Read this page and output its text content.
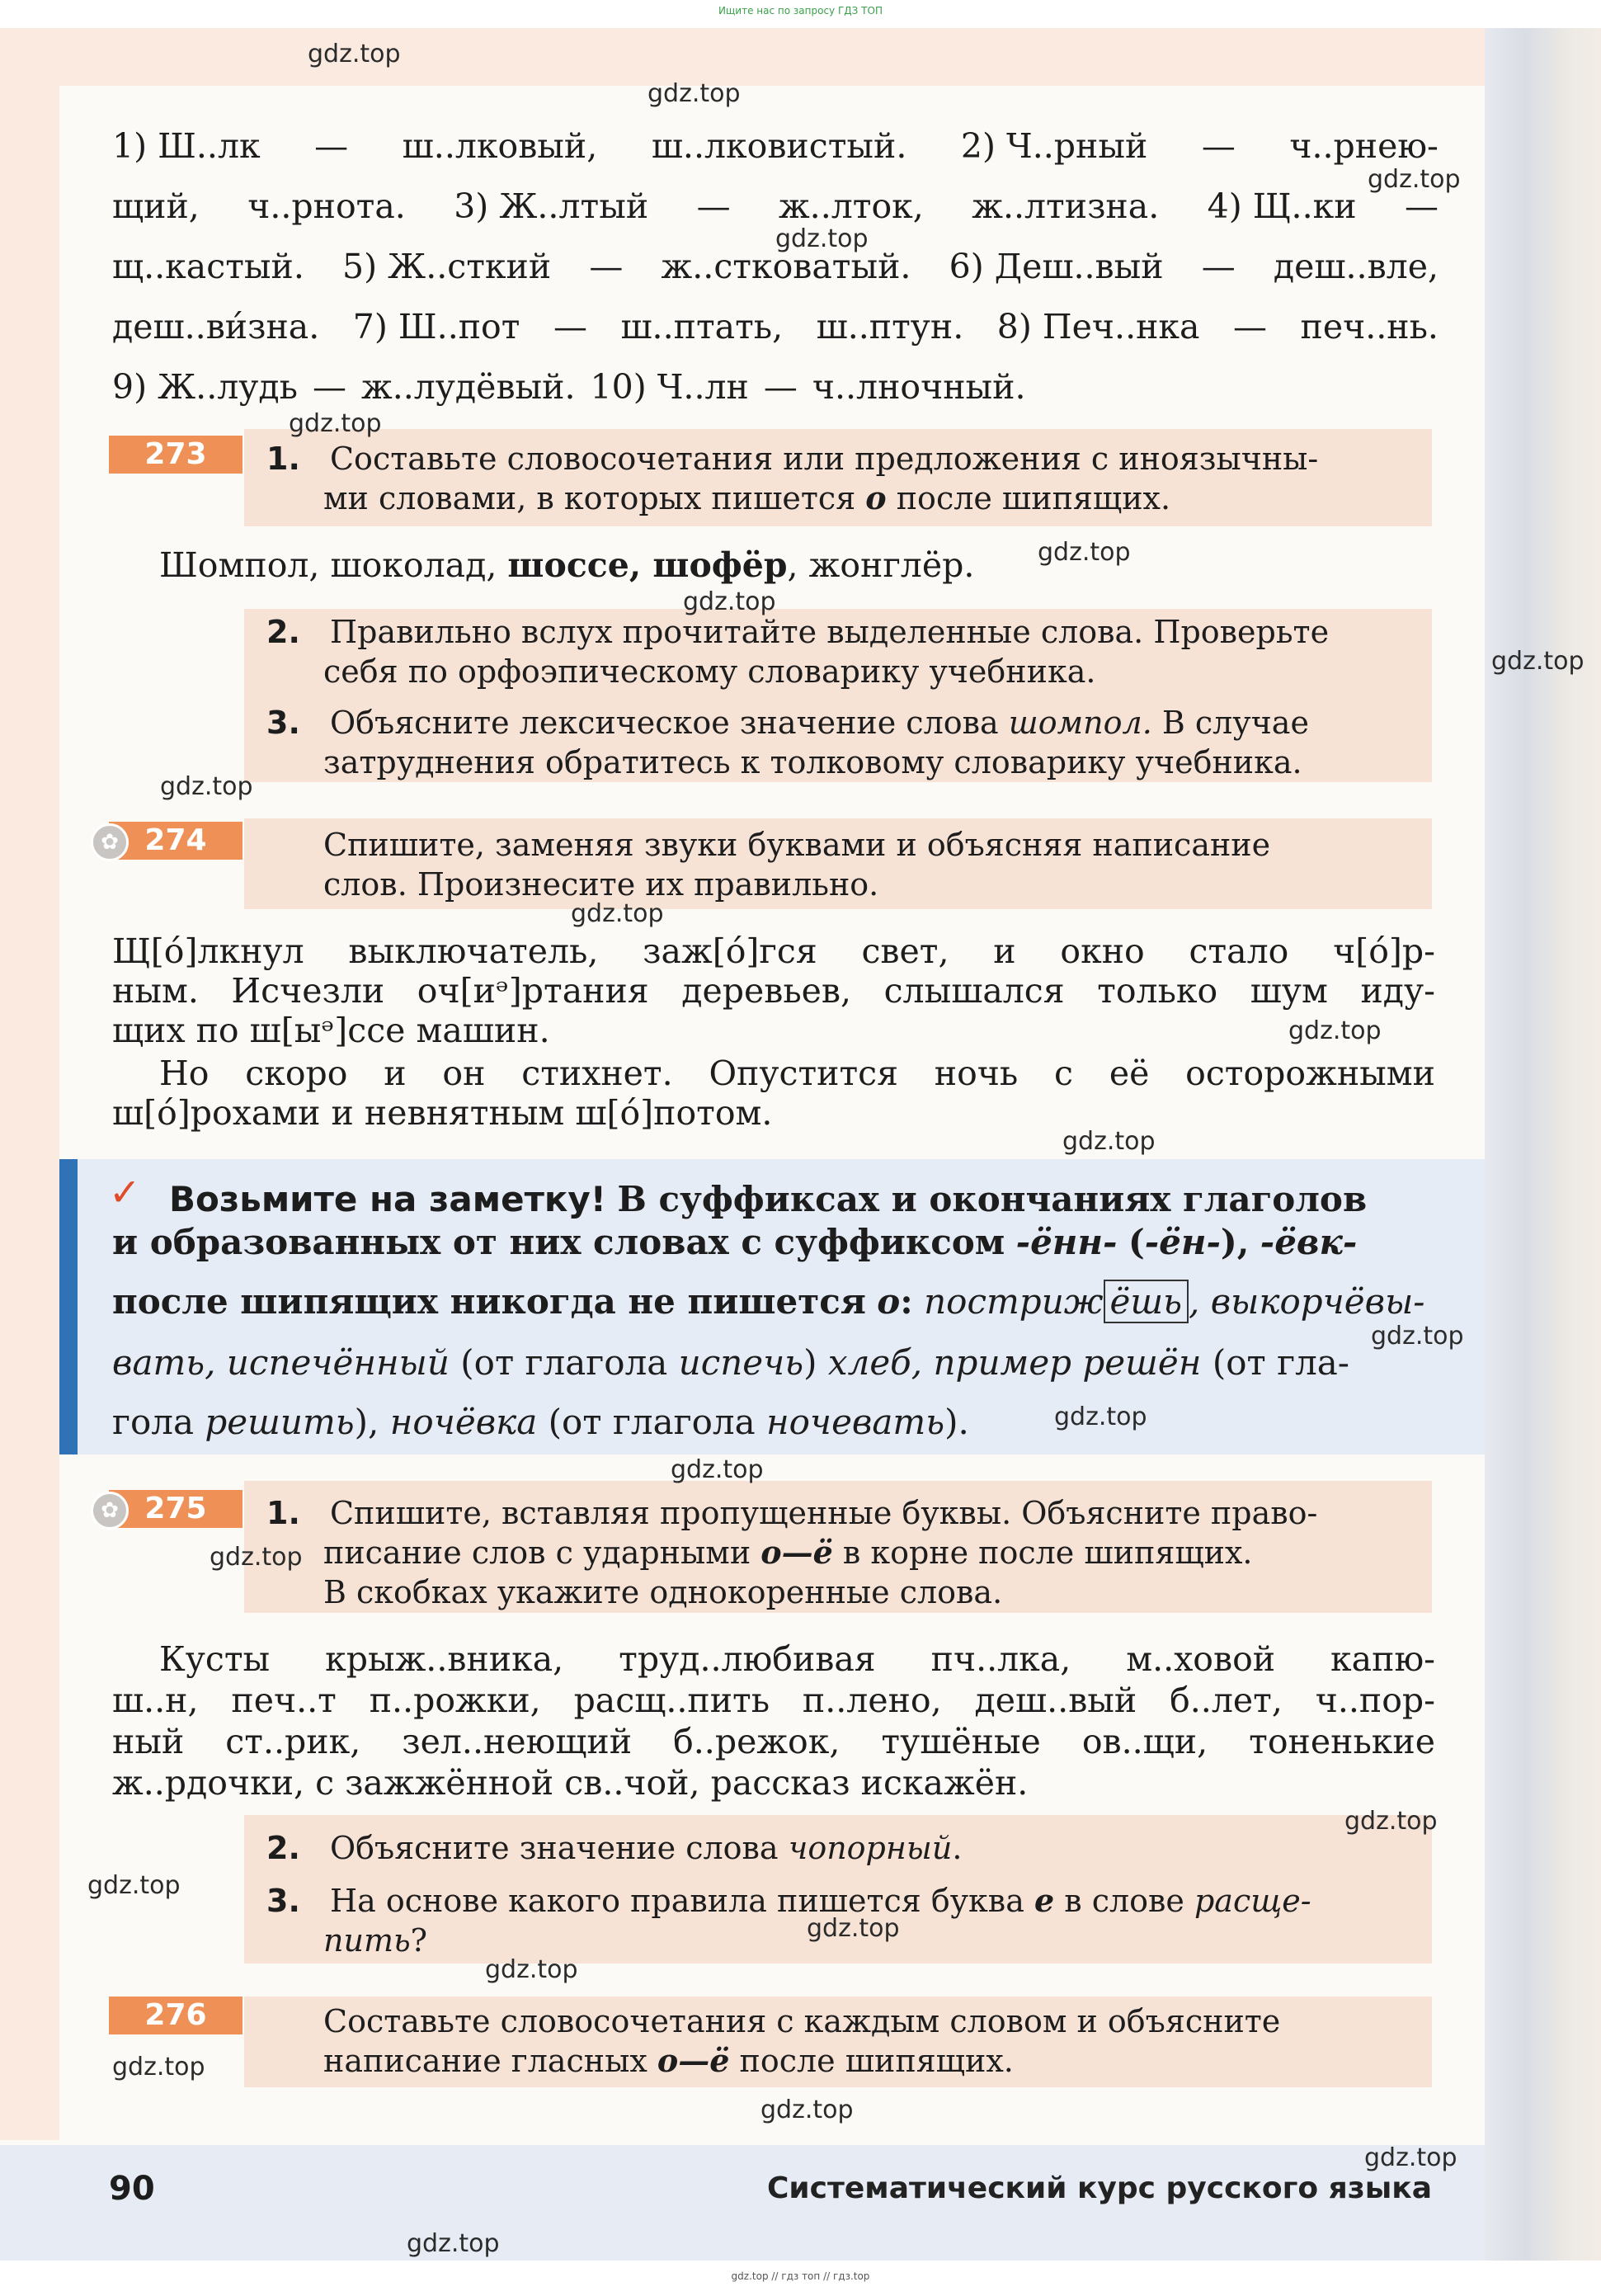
Ищите нас по запросу ГДЗ ТОП
1) Ш..лк — ш..лковый, ш..лковистый. 2) Ч..рный — ч..рнею-
щий, ч..рнота. 3) Ж..лтый — ж..лток, ж..лтизна. 4) Щ..ки —
щ..кастый. 5) Ж..сткий — ж..стковатый. 6) Деш..вый — деш..вле,
деш..ви́зна. 7) Ш..пот — ш..птать, ш..птун. 8) Печ..нка — печ..нь.
9) Ж..лудь — ж..лудёвый. 10) Ч..лн — ч..лночный.
273	1. Составьте словосочетания или предложения с иноязычны-
ми словами, в которых пишется о после шипящих.
Шомпол, шоколад, шоссе, шофёр, жонглёр.
2. Правильно вслух прочитайте выделенные слова. Проверьте
себя по орфоэпическому словарику учебника.
3. Объясните лексическое значение слова шомпол. В случае
затруднения обратитесь к толковому словарику учебника.
274
✿	Спишите, заменяя звуки буквами и объясняя написание
слов. Произнесите их правильно.
Щ[о́]лкнул выключатель, заж[о́]гся свет, и окно стало ч[о́]р-
ным. Исчезли оч[иᵊ]ртания деревьев, слышался только шум иду-
щих по ш[ыᵊ]ссе машин.
Но скоро и он стихнет. Опустится ночь с её осторожными
ш[о́]рохами и невнятным ш[о́]потом.
✓ Возьмите на заметку! В суффиксах и окончаниях глаголов
и образованных от них словах с суффиксом -ённ- (-ён-), -ёвк-
после шипящих никогда не пишется о: постриж ёшь , выкорчёвы-
вать, испечённый (от глагола испечь) хлеб, пример решён (от гла-
гола решить), ночёвка (от глагола ночевать).
275
✿	1. Спишите, вставляя пропущенные буквы. Объясните право-
писание слов с ударными о—ё в корне после шипящих.
В скобках укажите однокоренные слова.
Кусты крыж..вника, труд..любивая пч..лка, м..ховой капю-
ш..н, печ..т п..рожки, расщ..пить п..лено, деш..вый б..лет, ч..пор-
ный ст..рик, зел..неющий б..режок, тушёные ов..щи, тоненькие
ж..рдочки, с зажжённой св..чой, рассказ искажён.
2. Объясните значение слова чопорный.
3. На основе какого правила пишется буква е в слове расще-
пить?
276	Составьте словосочетания с каждым словом и объясните
написание гласных о—ё после шипящих.
90	Систематический курс русского языка
gdz.top // гдз топ // гдз.top
gdz.top
gdz.top
gdz.top
gdz.top
gdz.top
gdz.top
gdz.top
gdz.top
gdz.top
gdz.top
gdz.top
gdz.top
gdz.top
gdz.top
gdz.top
gdz.top
gdz.top
gdz.top
gdz.top
gdz.top
gdz.top
gdz.top
gdz.top
gdz.top
